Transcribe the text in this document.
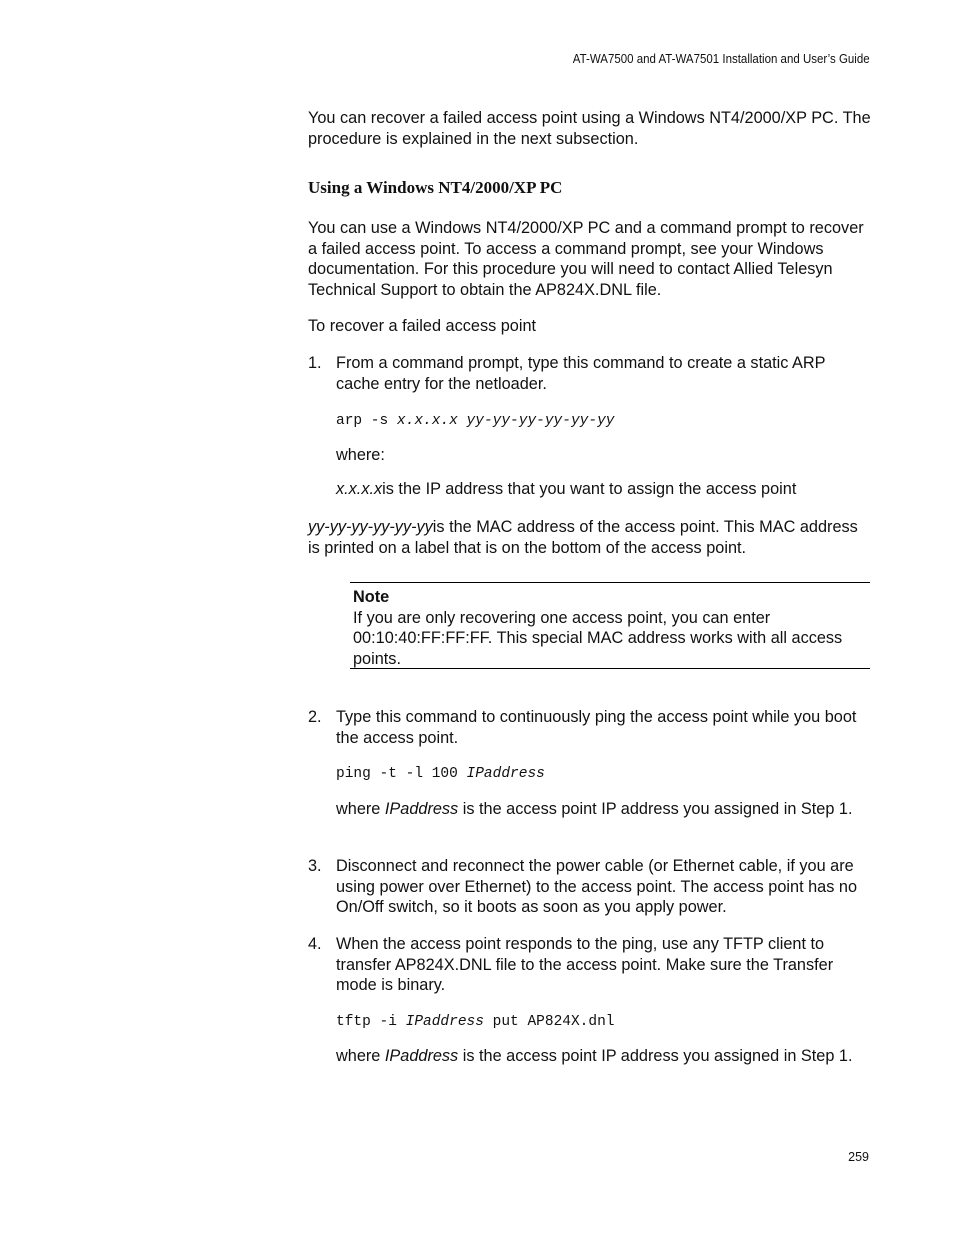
AT-WA7500 and AT-WA7501 Installation and User’s Guide

You can recover a failed access point using a Windows NT4/2000/XP PC. The procedure is explained in the next subsection.

Using a Windows NT4/2000/XP PC

You can use a Windows NT4/2000/XP PC and a command prompt to recover a failed access point. To access a command prompt, see your Windows documentation. For this procedure you will need to contact Allied Telesyn Technical Support to obtain the AP824X.DNL file.

To recover a failed access point

1. From a command prompt, type this command to create a static ARP cache entry for the netloader.

arp -s x.x.x.x yy-yy-yy-yy-yy-yy

where:

x.x.x.xis the IP address that you want to assign the access point

yy-yy-yy-yy-yy-yyis the MAC address of the access point. This MAC address is printed on a label that is on the bottom of the access point.

Note
If you are only recovering one access point, you can enter 00:10:40:FF:FF:FF. This special MAC address works with all access points.
2. Type this command to continuously ping the access point while you boot the access point.

ping -t -l 100 IPaddress

where IPaddress is the access point IP address you assigned in Step 1.

3. Disconnect and reconnect the power cable (or Ethernet cable, if you are using power over Ethernet) to the access point. The access point has no On/Off switch, so it boots as soon as you apply power.

4. When the access point responds to the ping, use any TFTP client to transfer AP824X.DNL file to the access point. Make sure the Transfer mode is binary.

tftp -i IPaddress put AP824X.dnl

where IPaddress is the access point IP address you assigned in Step 1.

259
